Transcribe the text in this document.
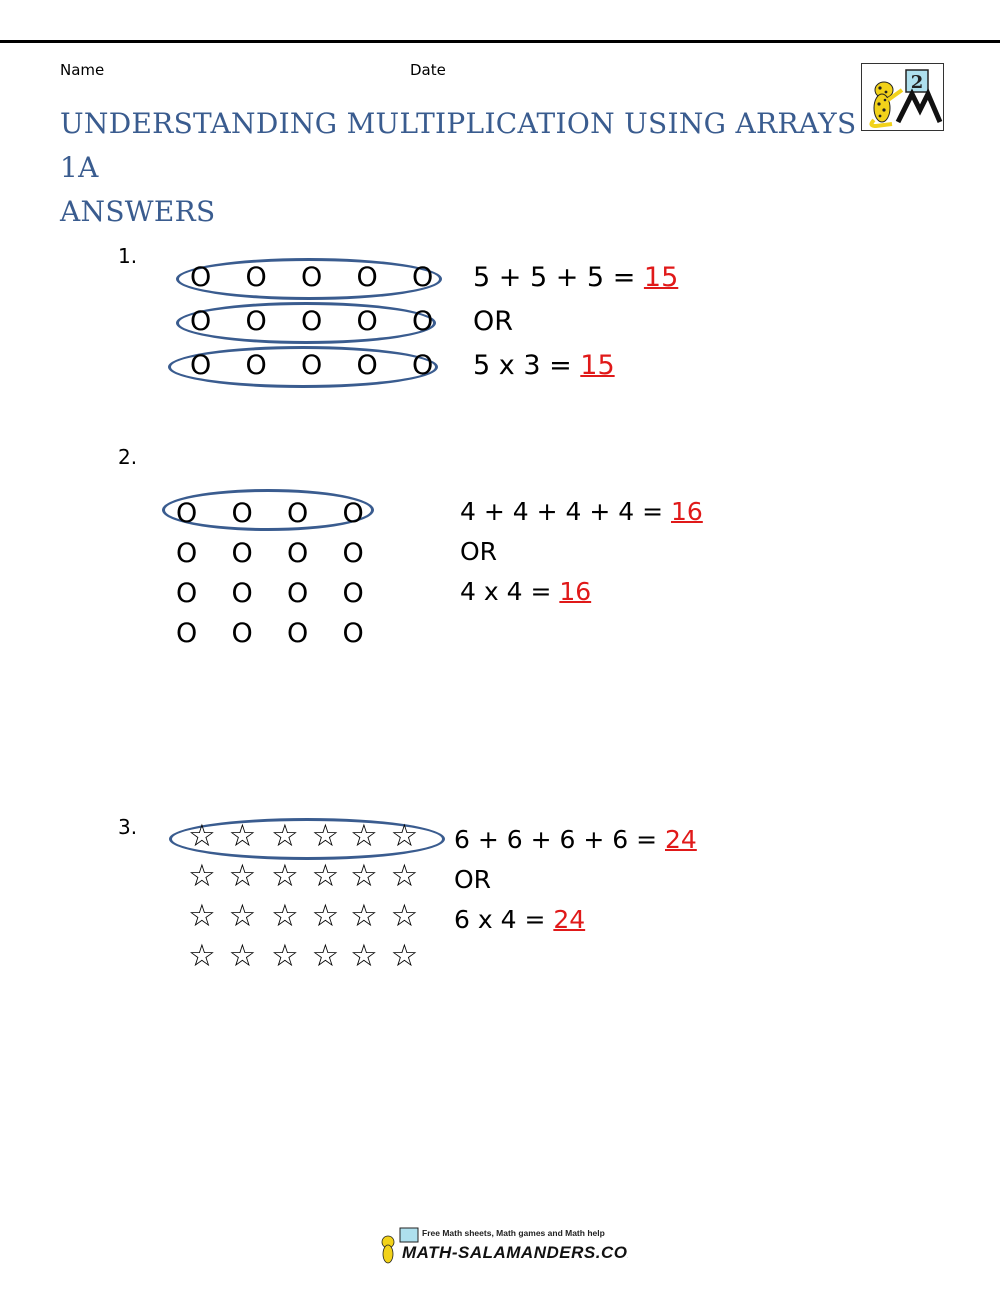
Name	Date
UNDERSTANDING MULTIPLICATION USING ARRAYS 1A
ANSWERS
2
1.
O O O O O
O O O O O
O O O O O
5 + 5 + 5 = 15
OR
5 x 3 = 15
2.
O O O O
O O O O
O O O O
O O O O
4 + 4 + 4 + 4 = 16
OR
4 x 4 = 16
3. ☆ ☆ ☆ ☆ ☆ ☆
☆ ☆ ☆ ☆ ☆ ☆
☆ ☆ ☆ ☆ ☆ ☆
☆ ☆ ☆ ☆ ☆ ☆
6 + 6 + 6 + 6 = 24
OR
6 x 4 = 24
Free Math sheets, Math games and Math help
MATH-SALAMANDERS.COM
